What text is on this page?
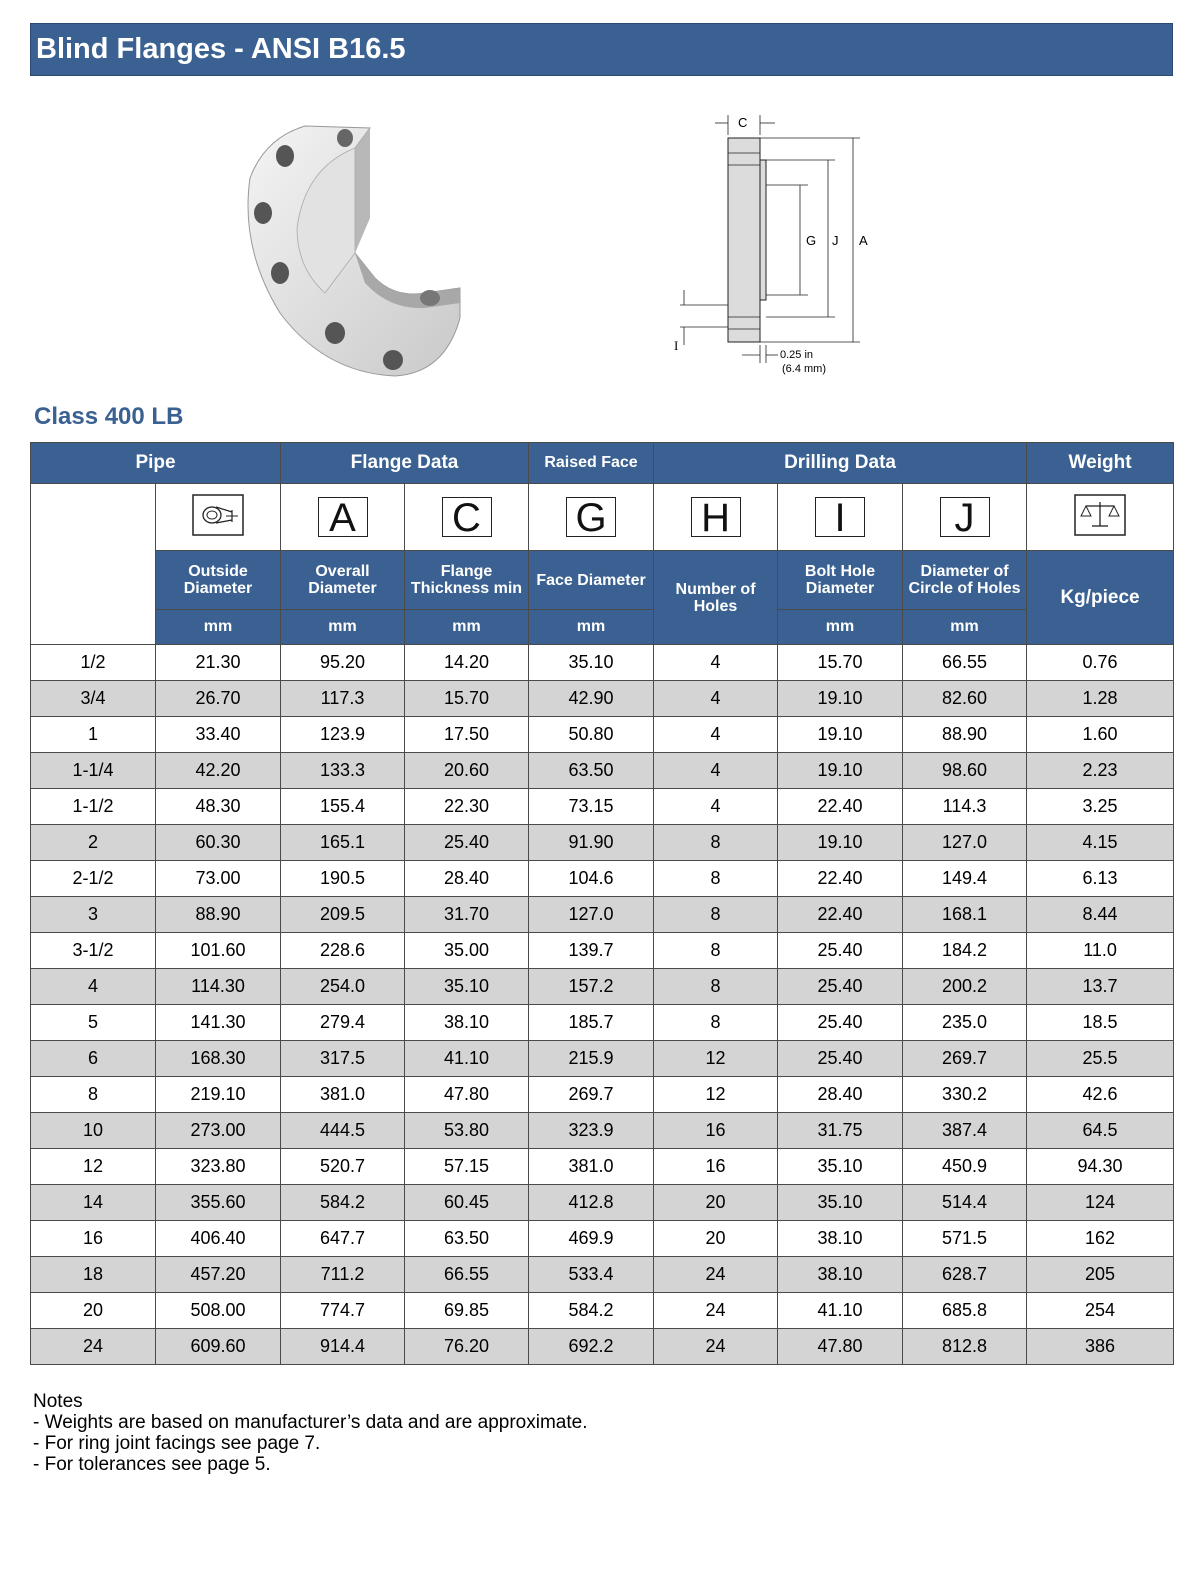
Blind Flanges - ANSI B16.5
C
G J A
I
0.25 in
(6.4 mm)
Class 400 LB
Pipe		Flange Data		Raised Face	Drilling Data			Weight
Nominal Pipe Size		A	C	G	H	I	J	
	Outside Diameter	Overall Diameter	Flange Thickness min	Face Diameter	Number of Holes	Bolt Hole Diameter	Diameter of Circle of Holes	Kg/piece
	mm	mm	mm	mm		mm	mm	
1/2	21.30	95.20	14.20	35.10	4	15.70	66.55	0.76
3/4	26.70	117.3	15.70	42.90	4	19.10	82.60	1.28
1	33.40	123.9	17.50	50.80	4	19.10	88.90	1.60
1-1/4	42.20	133.3	20.60	63.50	4	19.10	98.60	2.23
1-1/2	48.30	155.4	22.30	73.15	4	22.40	114.3	3.25
2	60.30	165.1	25.40	91.90	8	19.10	127.0	4.15
2-1/2	73.00	190.5	28.40	104.6	8	22.40	149.4	6.13
3	88.90	209.5	31.70	127.0	8	22.40	168.1	8.44
3-1/2	101.60	228.6	35.00	139.7	8	25.40	184.2	11.0
4	114.30	254.0	35.10	157.2	8	25.40	200.2	13.7
5	141.30	279.4	38.10	185.7	8	25.40	235.0	18.5
6	168.30	317.5	41.10	215.9	12	25.40	269.7	25.5
8	219.10	381.0	47.80	269.7	12	28.40	330.2	42.6
10	273.00	444.5	53.80	323.9	16	31.75	387.4	64.5
12	323.80	520.7	57.15	381.0	16	35.10	450.9	94.30
14	355.60	584.2	60.45	412.8	20	35.10	514.4	124
16	406.40	647.7	63.50	469.9	20	38.10	571.5	162
18	457.20	711.2	66.55	533.4	24	38.10	628.7	205
20	508.00	774.7	69.85	584.2	24	41.10	685.8	254
24	609.60	914.4	76.20	692.2	24	47.80	812.8	386
Notes
- Weights are based on manufacturer’s data and are approximate.
- For ring joint facings see page 7.
- For tolerances see page 5.
